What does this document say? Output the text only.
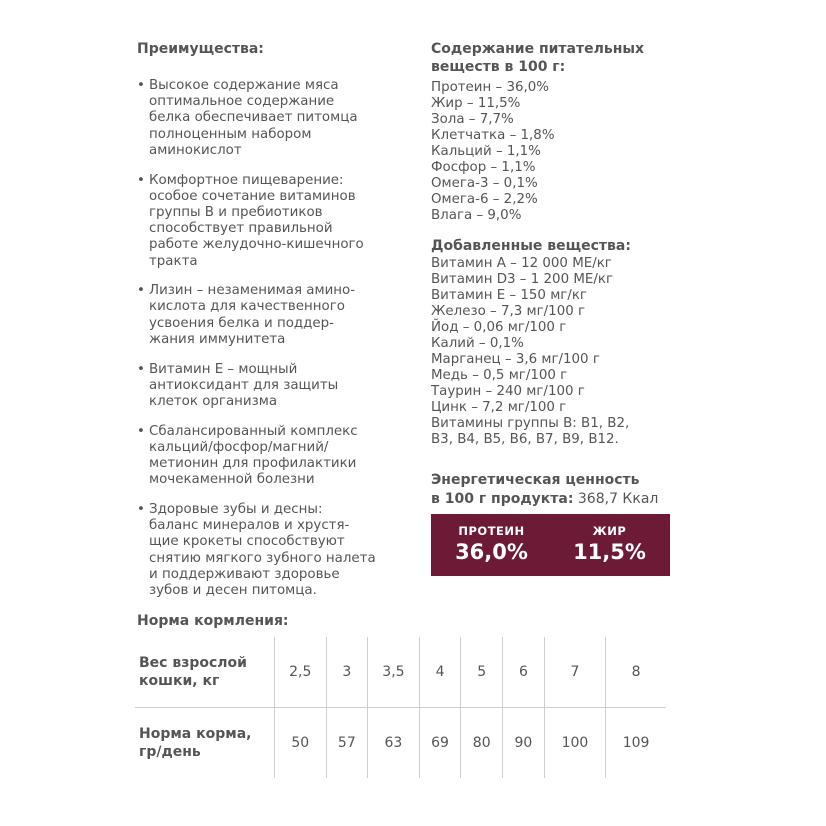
Преимущества:
• Высокое содержание мяса
оптимальное содержание
белка обеспечивает питомца
полноценным набором
аминокислот
• Комфортное пищеварение:
особое сочетание витаминов
группы В и пребиотиков
способствует правильной
работе желудочно-кишечного
тракта
• Лизин – незаменимая амино-
кислота для качественного
усвоения белка и поддер-
жания иммунитета
• Витамин Е – мощный
антиоксидант для защиты
клеток организма
• Сбалансированный комплекс
кальций/фосфор/магний/
метионин для профилактики
мочекаменной болезни
• Здоровые зубы и десны:
баланс минералов и хрустя-
щие крокеты способствуют
снятию мягкого зубного налета
и поддерживают здоровье
зубов и десен питомца.
Содержание питательных
веществ в 100 г:
Протеин – 36,0%
Жир – 11,5%
Зола – 7,7%
Клетчатка – 1,8%
Кальций – 1,1%
Фосфор – 1,1%
Омега-3 – 0,1%
Омега-6 – 2,2%
Влага – 9,0%
Добавленные вещества:
Витамин А – 12 000 МЕ/кг
Витамин D3 – 1 200 МЕ/кг
Витамин Е – 150 мг/кг
Железо – 7,3 мг/100 г
Йод – 0,06 мг/100 г
Калий – 0,1%
Марганец – 3,6 мг/100 г
Медь – 0,5 мг/100 г
Таурин – 240 мг/100 г
Цинк – 7,2 мг/100 г
Витамины группы В: В1, В2,
В3, В4, В5, В6, В7, В9, В12.
Энергетическая ценность
в 100 г продукта: 368,7 Ккал
ПРОТЕИН
36,0%
ЖИР
11,5%
Норма кормления:
Вес взрослой
кошки, кг	2,5	3	3,5	4	5	6	7	8

Норма корма,
гр/день	50	57	63	69	80	90	100	109
